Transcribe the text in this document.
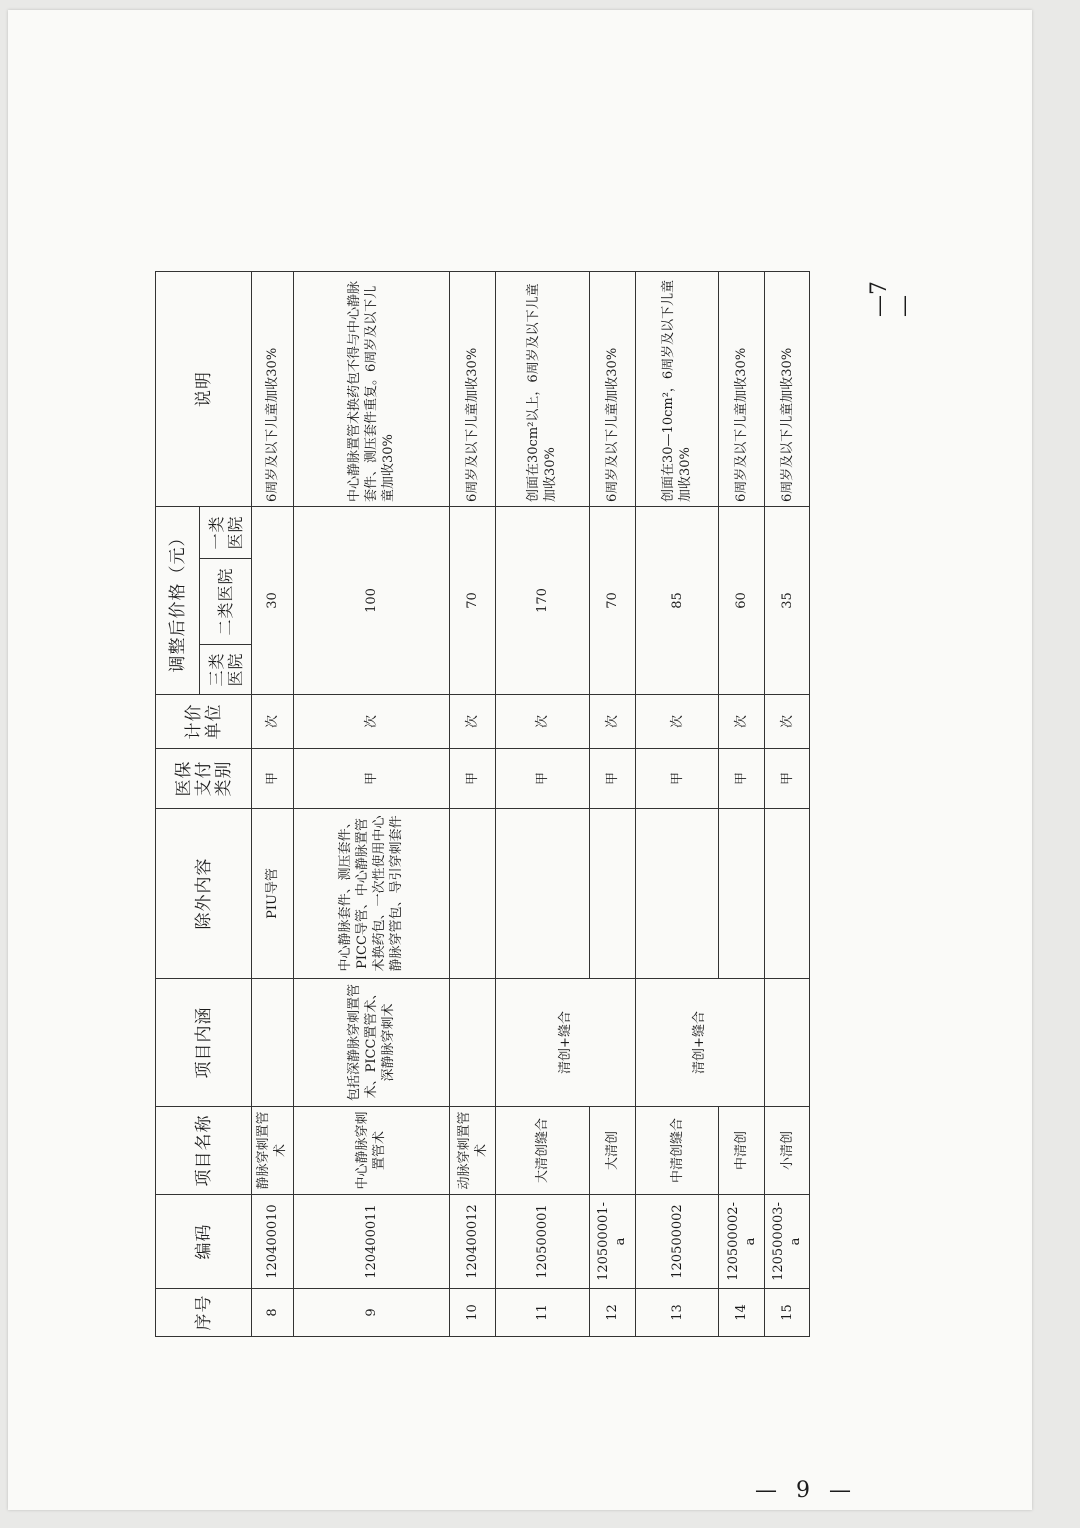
序号	编码	项目名称	项目内涵	除外内容	医保支付类别	计价单位	调整后价格（元）			说明
							三类医院	二类医院	一类医院	
8	120400010	静脉穿刺置管术		PIU导管	甲	次	30			6周岁及以下儿童加收30%
9	120400011	中心静脉穿刺置管术	包括深静脉穿刺置管术、PICC置管术、深静脉穿刺术	中心静脉套件、测压套件、PICC导管、中心静脉置管术换药包、一次性使用中心静脉穿管包、导引穿刺套件	甲	次	100			中心静脉置管术换药包不得与中心静脉套件、测压套件重复。6周岁及以下儿童加收30%
10	120400012	动脉穿刺置管术			甲	次	70			6周岁及以下儿童加收30%
11	120500001	大清创缝合	清创+缝合		甲	次	170			创面在30cm²以上，6周岁及以下儿童加收30%
12	120500001-a	大清创			甲	次	70			6周岁及以下儿童加收30%
13	120500002	中清创缝合	清创+缝合		甲	次	85			创面在30—10cm²，6周岁及以下儿童加收30%
14	120500002-a	中清创			甲	次	60			6周岁及以下儿童加收30%
15	120500003-a	小清创			甲	次	35			6周岁及以下儿童加收30%
—7—
— 9 —
